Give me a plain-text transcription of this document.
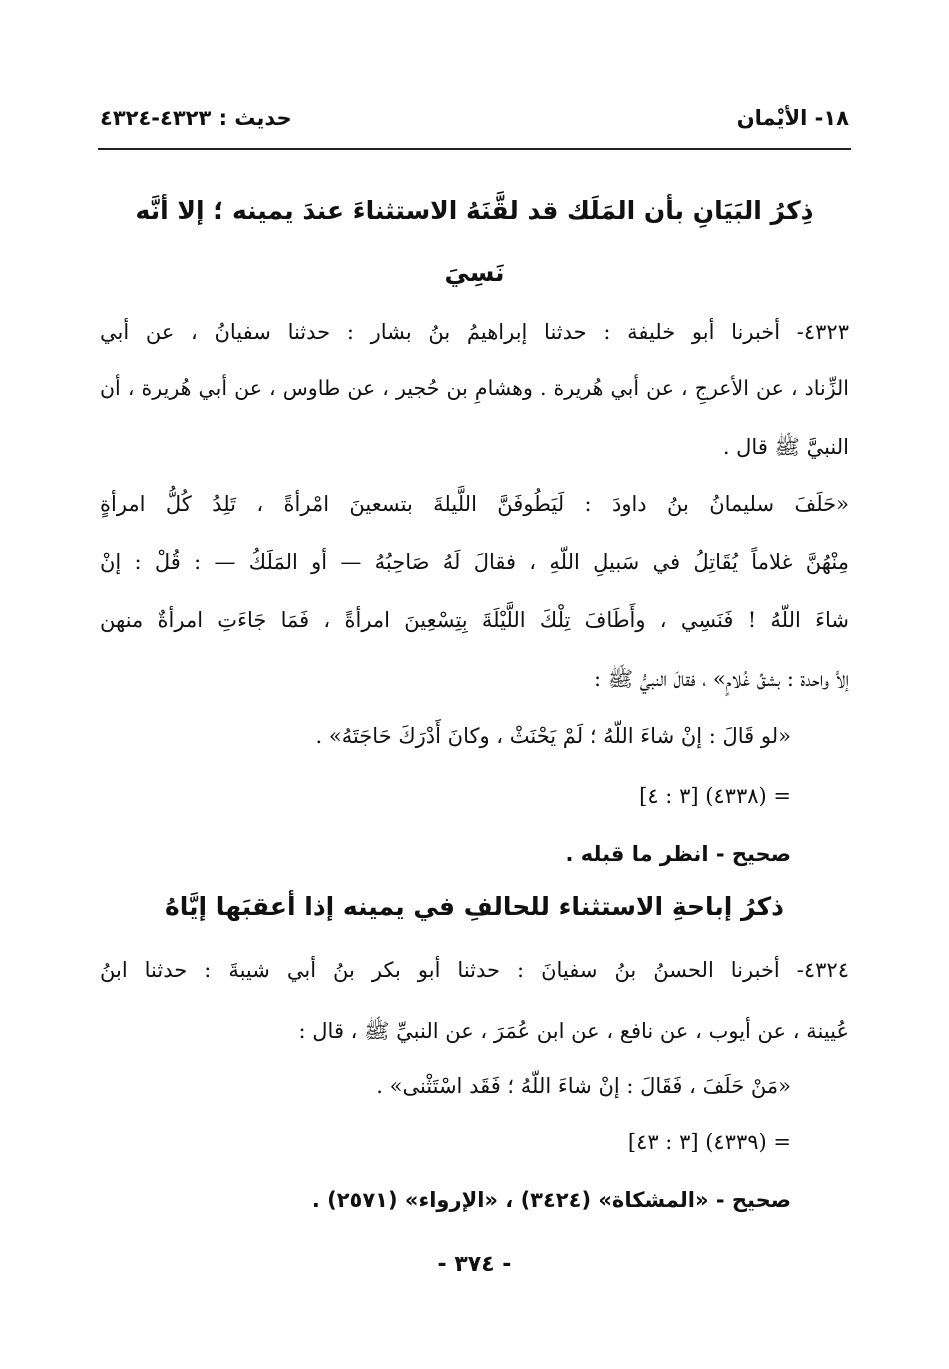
١٨- الأيْمان
حديث : ٤٣٢٣-٤٣٢٤
ذِكرُ البَيَانِ بأن المَلَك قد لقَّنَهُ الاستثناءَ عندَ يمينه ؛ إلا أنَّه
نَسِيَ
٤٣٢٣- أخبرنا أبو خليفة : حدثنا إبراهيمُ بنُ بشار : حدثنا سفيانُ ، عن أبي
الزِّناد ، عن الأعرجِ ، عن أبي هُريرة . وهشامِ بن حُجير ، عن طاوس ، عن أبي هُريرة ، أن
النبيَّ ﷺ قال .
«حَلَفَ سليمانُ بنُ داودَ : لَيَطُوفَنَّ اللَّيلةَ بتسعينَ امْرأةً ، تَلِدُ كُلُّ امرأةٍ
مِنْهُنَّ غلاماً يُقَاتِلُ في سَبيلِ اللّهِ ، فقالَ لَهُ صَاحِبُهُ — أو المَلَكُ — : قُلْ : إنْ
شاءَ اللّهُ ! فَنَسِي ، وأَطَافَ تِلْكَ اللَّيْلَةَ بِتِسْعِينَ امرأةً ، فَمَا جَاءَتِ امرأةٌ منهن
إلاَّ واحدة : بشقِّ غُلامٍ» ، فقالَ النبيُّ ﷺ :
«لو قَالَ : إنْ شاءَ اللّهُ ؛ لَمْ يَحْنَثْ ، وكانَ أَدْرَكَ حَاجَتَهُ» .
= (٤٣٣٨) [٣ : ٤]
صحيح - انظر ما قبله .
ذكرُ إباحةِ الاستثناء للحالفِ في يمينه إذا أعقبَها إيَّاهُ
٤٣٢٤- أخبرنا الحسنُ بنُ سفيانَ : حدثنا أبو بكر بنُ أبي شيبةَ : حدثنا ابنُ
عُيينة ، عن أيوب ، عن نافع ، عن ابن عُمَرَ ، عن النبيِّ ﷺ ، قال :
«مَنْ حَلَفَ ، فَقَالَ : إنْ شاءَ اللّهُ ؛ فَقَد اسْتَثْنى» .
= (٤٣٣٩) [٣ : ٤٣]
صحيح - «المشكاة» (٣٤٢٤) ، «الإرواء» (٢٥٧١) .
- ٣٧٤ -
